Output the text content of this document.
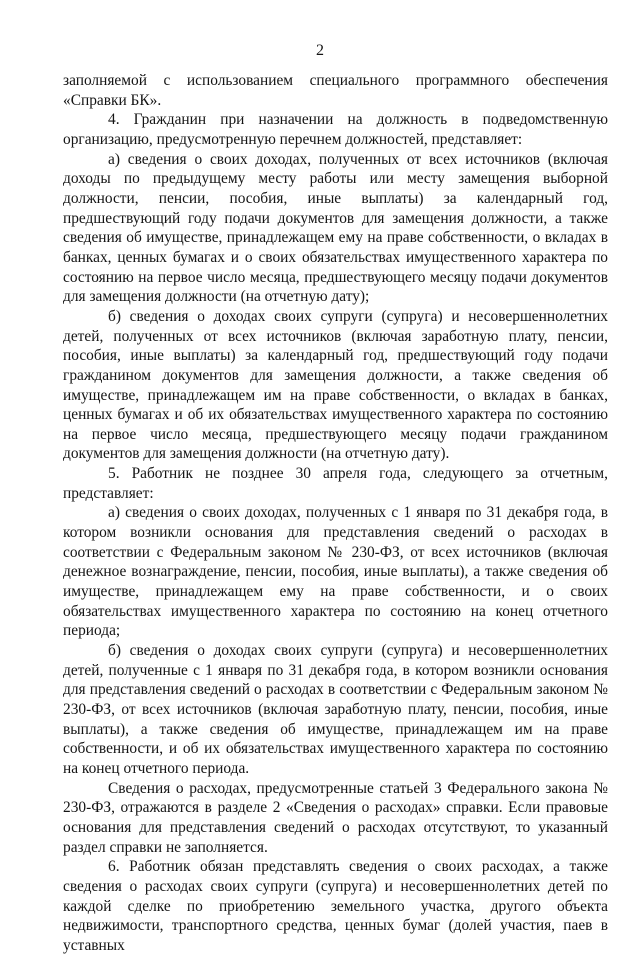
2

заполняемой с использованием специального программного обеспечения «Справки БК».

4. Гражданин при назначении на должность в подведомственную организацию, предусмотренную перечнем должностей, представляет:

а) сведения о своих доходах, полученных от всех источников (включая доходы по предыдущему месту работы или месту замещения выборной должности, пенсии, пособия, иные выплаты) за календарный год, предшествующий году подачи документов для замещения должности, а также сведения об имуществе, принадлежащем ему на праве собственности, о вкладах в банках, ценных бумагах и о своих обязательствах имущественного характера по состоянию на первое число месяца, предшествующего месяцу подачи документов для замещения должности (на отчетную дату);

б) сведения о доходах своих супруги (супруга) и несовершеннолетних детей, полученных от всех источников (включая заработную плату, пенсии, пособия, иные выплаты) за календарный год, предшествующий году подачи гражданином документов для замещения должности, а также сведения об имуществе, принадлежащем им на праве собственности, о вкладах в банках, ценных бумагах и об их обязательствах имущественного характера по состоянию на первое число месяца, предшествующего месяцу подачи гражданином документов для замещения должности (на отчетную дату).

5. Работник не позднее 30 апреля года, следующего за отчетным, представляет:

а) сведения о своих доходах, полученных с 1 января по 31 декабря года, в котором возникли основания для представления сведений о расходах в соответствии с Федеральным законом № 230-ФЗ, от всех источников (включая денежное вознаграждение, пенсии, пособия, иные выплаты), а также сведения об имуществе, принадлежащем ему на праве собственности, и о своих обязательствах имущественного характера по состоянию на конец отчетного периода;

б) сведения о доходах своих супруги (супруга) и несовершеннолетних детей, полученные с 1 января по 31 декабря года, в котором возникли основания для представления сведений о расходах в соответствии с Федеральным законом № 230-ФЗ, от всех источников (включая заработную плату, пенсии, пособия, иные выплаты), а также сведения об имуществе, принадлежащем им на праве собственности, и об их обязательствах имущественного характера по состоянию на конец отчетного периода.

Сведения о расходах, предусмотренные статьей 3 Федерального закона № 230-ФЗ, отражаются в разделе 2 «Сведения о расходах» справки. Если правовые основания для представления сведений о расходах отсутствуют, то указанный раздел справки не заполняется.

6. Работник обязан представлять сведения о своих расходах, а также сведения о расходах своих супруги (супруга) и несовершеннолетних детей по каждой сделке по приобретению земельного участка, другого объекта недвижимости, транспортного средства, ценных бумаг (долей участия, паев в уставных
